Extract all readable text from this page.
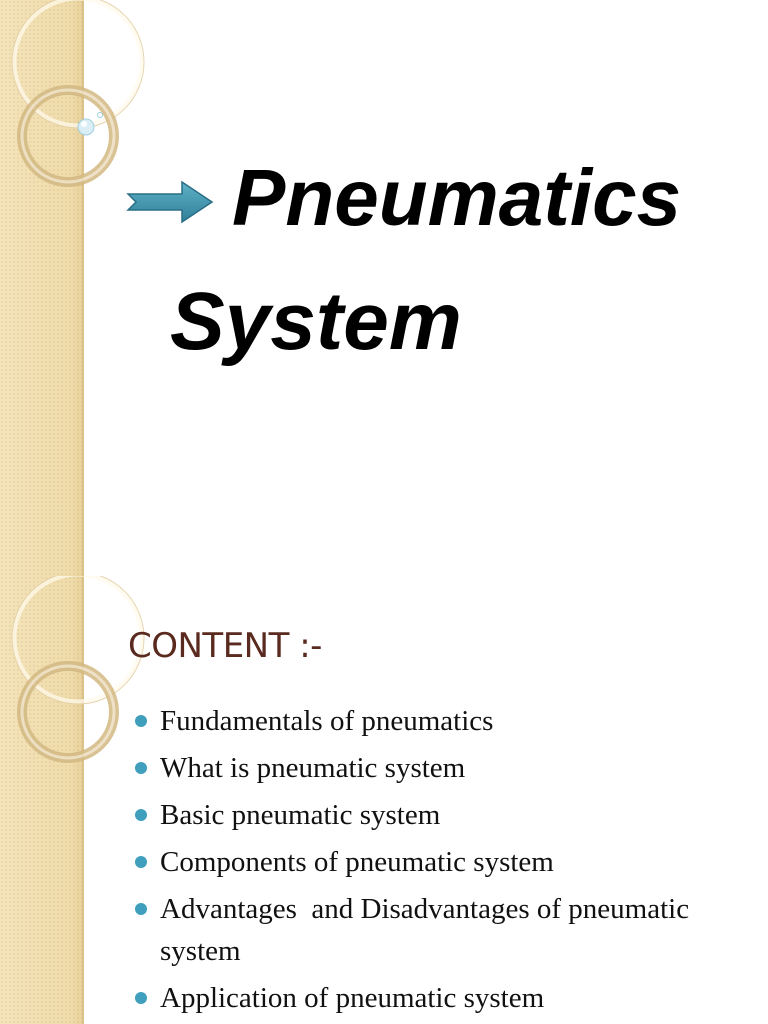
Pneumatics
System
CONTENT :-
Fundamentals of pneumatics
What is pneumatic system
Basic pneumatic system
Components of pneumatic system
Advantages  and Disadvantages of pneumatic system
Application of pneumatic system
